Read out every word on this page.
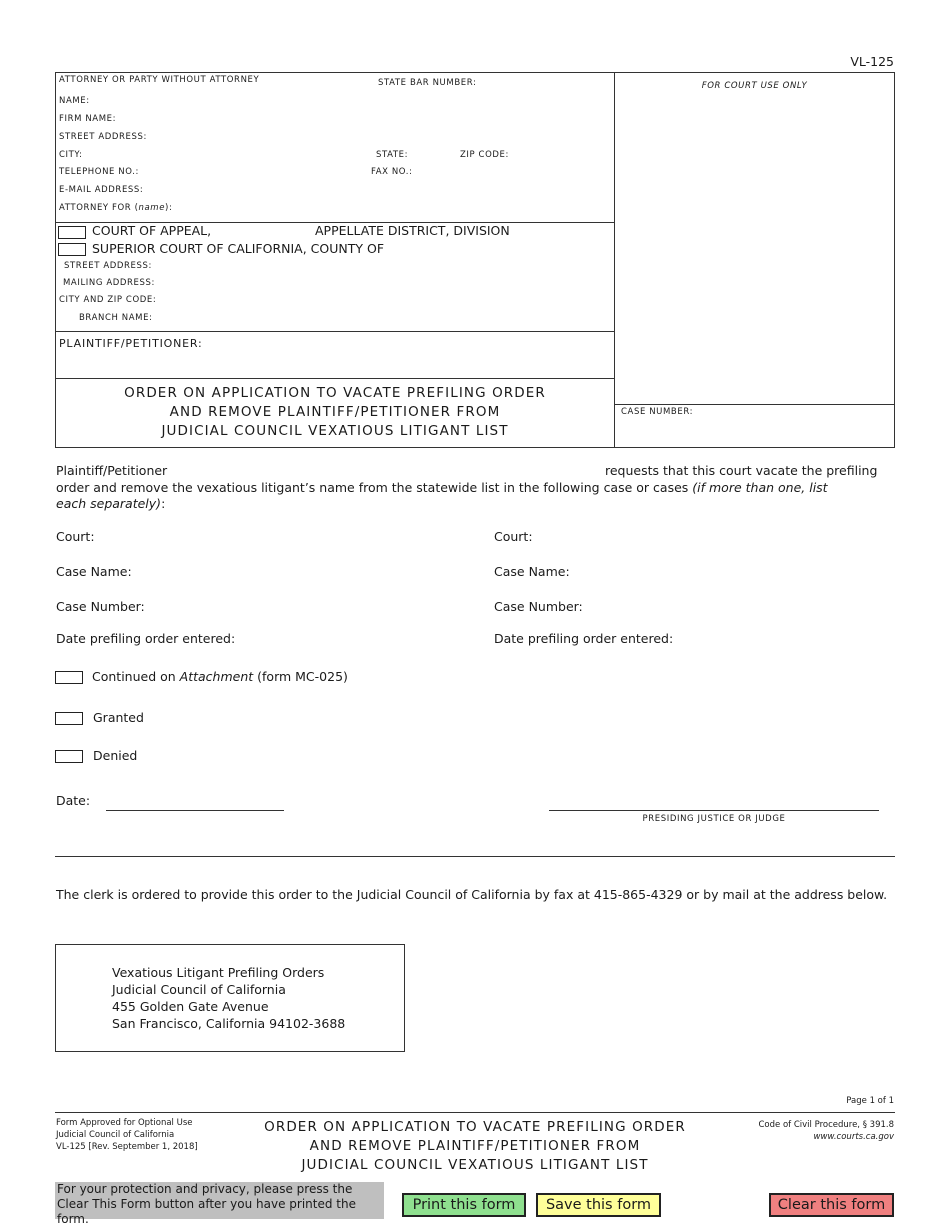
VL-125
ATTORNEY OR PARTY WITHOUT ATTORNEY	STATE BAR NUMBER:	FOR COURT USE ONLY
NAME:
FIRM NAME:
STREET ADDRESS:
CITY:	STATE:	ZIP CODE:
TELEPHONE NO.:	FAX NO.:
E-MAIL ADDRESS:
ATTORNEY FOR (name):
COURT OF APPEAL,	APPELLATE DISTRICT, DIVISION
SUPERIOR COURT OF CALIFORNIA, COUNTY OF
STREET ADDRESS:
MAILING ADDRESS:
CITY AND ZIP CODE:
BRANCH NAME:
PLAINTIFF/PETITIONER:
ORDER ON APPLICATION TO VACATE PREFILING ORDER
AND REMOVE PLAINTIFF/PETITIONER FROM
JUDICIAL COUNCIL VEXATIOUS LITIGANT LIST
CASE NUMBER:
Plaintiff/Petitioner	requests that this court vacate the prefiling
order and remove the vexatious litigant’s name from the statewide list in the following case or cases (if more than one, list each separately):
Court:	Court:
Case Name:	Case Name:
Case Number:	Case Number:
Date prefiling order entered:	Date prefiling order entered:
Continued on Attachment (form MC-025)
Granted
Denied
Date:
PRESIDING JUSTICE OR JUDGE
The clerk is ordered to provide this order to the Judicial Council of California by fax at 415-865-4329 or by mail at the address below.
Vexatious Litigant Prefiling Orders
Judicial Council of California
455 Golden Gate Avenue
San Francisco, California 94102-3688
Page 1 of 1
Form Approved for Optional Use
Judicial Council of California
VL-125 [Rev. September 1, 2018]
ORDER ON APPLICATION TO VACATE PREFILING ORDER
AND REMOVE PLAINTIFF/PETITIONER FROM
JUDICIAL COUNCIL VEXATIOUS LITIGANT LIST
Code of Civil Procedure, § 391.8
www.courts.ca.gov
For your protection and privacy, please press the Clear This Form button after you have printed the form.
Print this form	Save this form	Clear this form
